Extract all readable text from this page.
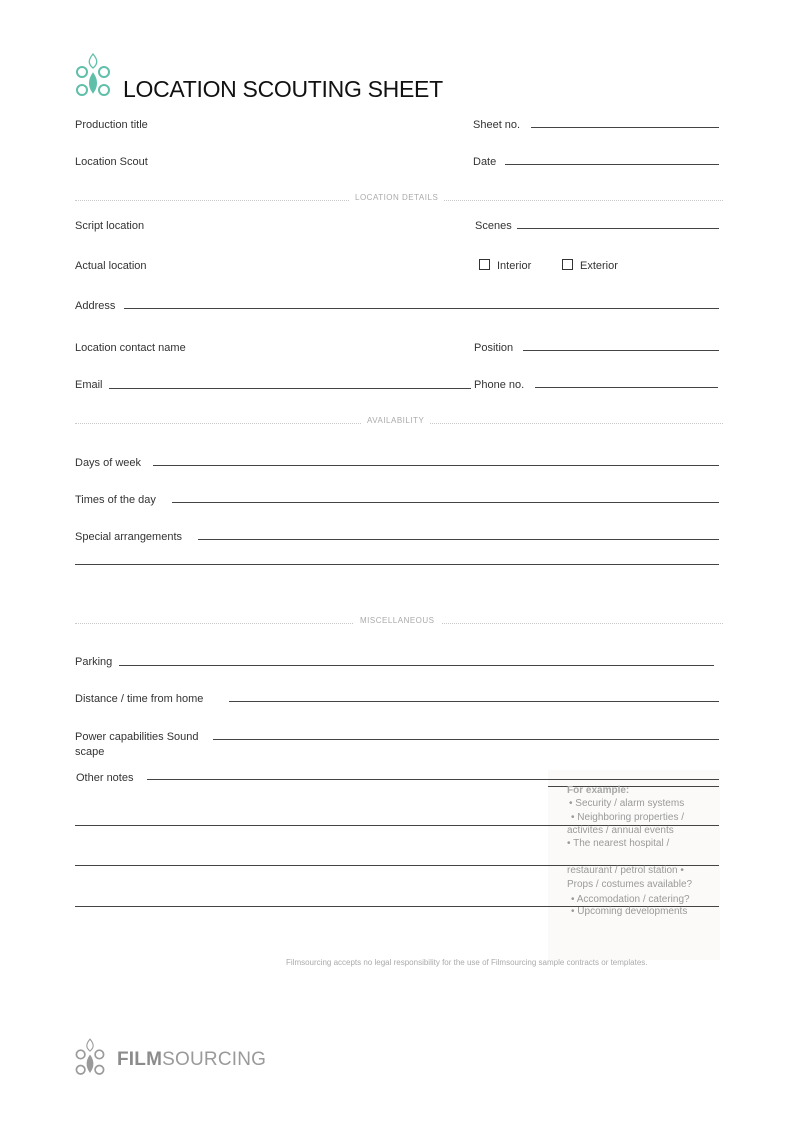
LOCATION SCOUTING SHEET
Production title	Sheet no.
Location Scout	Date
LOCATION DETAILS
Script location	Scenes
Actual location	Interior	Exterior
Address
Location contact name	Position
Email	Phone no.
AVAILABILITY
Days of week
Times of the day
Special arrangements
MISCELLANEOUS
Parking
Distance / time from home
Power capabilities Sound
scape
Other notes
For example:
• Security / alarm systems
• Neighboring properties /
activites / annual events
• The nearest hospital /
restaurant / petrol station •
Props / costumes available?
• Accomodation / catering?
• Upcoming developments
Filmsourcing accepts no legal responsibility for the use of Filmsourcing sample contracts or templates.
FILMSOURCING
